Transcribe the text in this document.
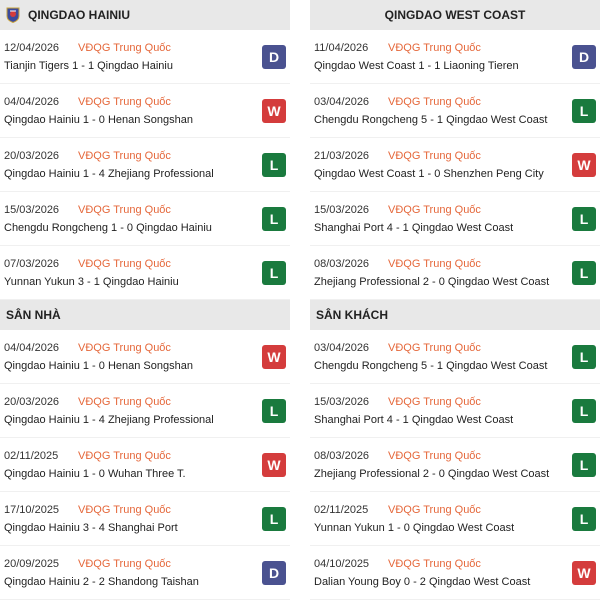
QINGDAO HAINIU
12/04/2026 VĐQG Trung Quốc
Tianjin Tigers 1 - 1 Qingdao Hainiu
D
04/04/2026 VĐQG Trung Quốc
Qingdao Hainiu 1 - 0 Henan Songshan
W
20/03/2026 VĐQG Trung Quốc
Qingdao Hainiu 1 - 4 Zhejiang Professional
L
15/03/2026 VĐQG Trung Quốc
Chengdu Rongcheng 1 - 0 Qingdao Hainiu
L
07/03/2026 VĐQG Trung Quốc
Yunnan Yukun 3 - 1 Qingdao Hainiu
L
SÂN NHÀ
04/04/2026 VĐQG Trung Quốc
Qingdao Hainiu 1 - 0 Henan Songshan
W
20/03/2026 VĐQG Trung Quốc
Qingdao Hainiu 1 - 4 Zhejiang Professional
L
02/11/2025 VĐQG Trung Quốc
Qingdao Hainiu 1 - 0 Wuhan Three T.
W
17/10/2025 VĐQG Trung Quốc
Qingdao Hainiu 3 - 4 Shanghai Port
L
20/09/2025 VĐQG Trung Quốc
Qingdao Hainiu 2 - 2 Shandong Taishan
D
QINGDAO WEST COAST
11/04/2026 VĐQG Trung Quốc
Qingdao West Coast 1 - 1 Liaoning Tieren
D
03/04/2026 VĐQG Trung Quốc
Chengdu Rongcheng 5 - 1 Qingdao West Coast
L
21/03/2026 VĐQG Trung Quốc
Qingdao West Coast 1 - 0 Shenzhen Peng City
W
15/03/2026 VĐQG Trung Quốc
Shanghai Port 4 - 1 Qingdao West Coast
L
08/03/2026 VĐQG Trung Quốc
Zhejiang Professional 2 - 0 Qingdao West Coast
L
SÂN KHÁCH
03/04/2026 VĐQG Trung Quốc
Chengdu Rongcheng 5 - 1 Qingdao West Coast
L
15/03/2026 VĐQG Trung Quốc
Shanghai Port 4 - 1 Qingdao West Coast
L
08/03/2026 VĐQG Trung Quốc
Zhejiang Professional 2 - 0 Qingdao West Coast
L
02/11/2025 VĐQG Trung Quốc
Yunnan Yukun 1 - 0 Qingdao West Coast
L
04/10/2025 VĐQG Trung Quốc
Dalian Young Boy 0 - 2 Qingdao West Coast
W
